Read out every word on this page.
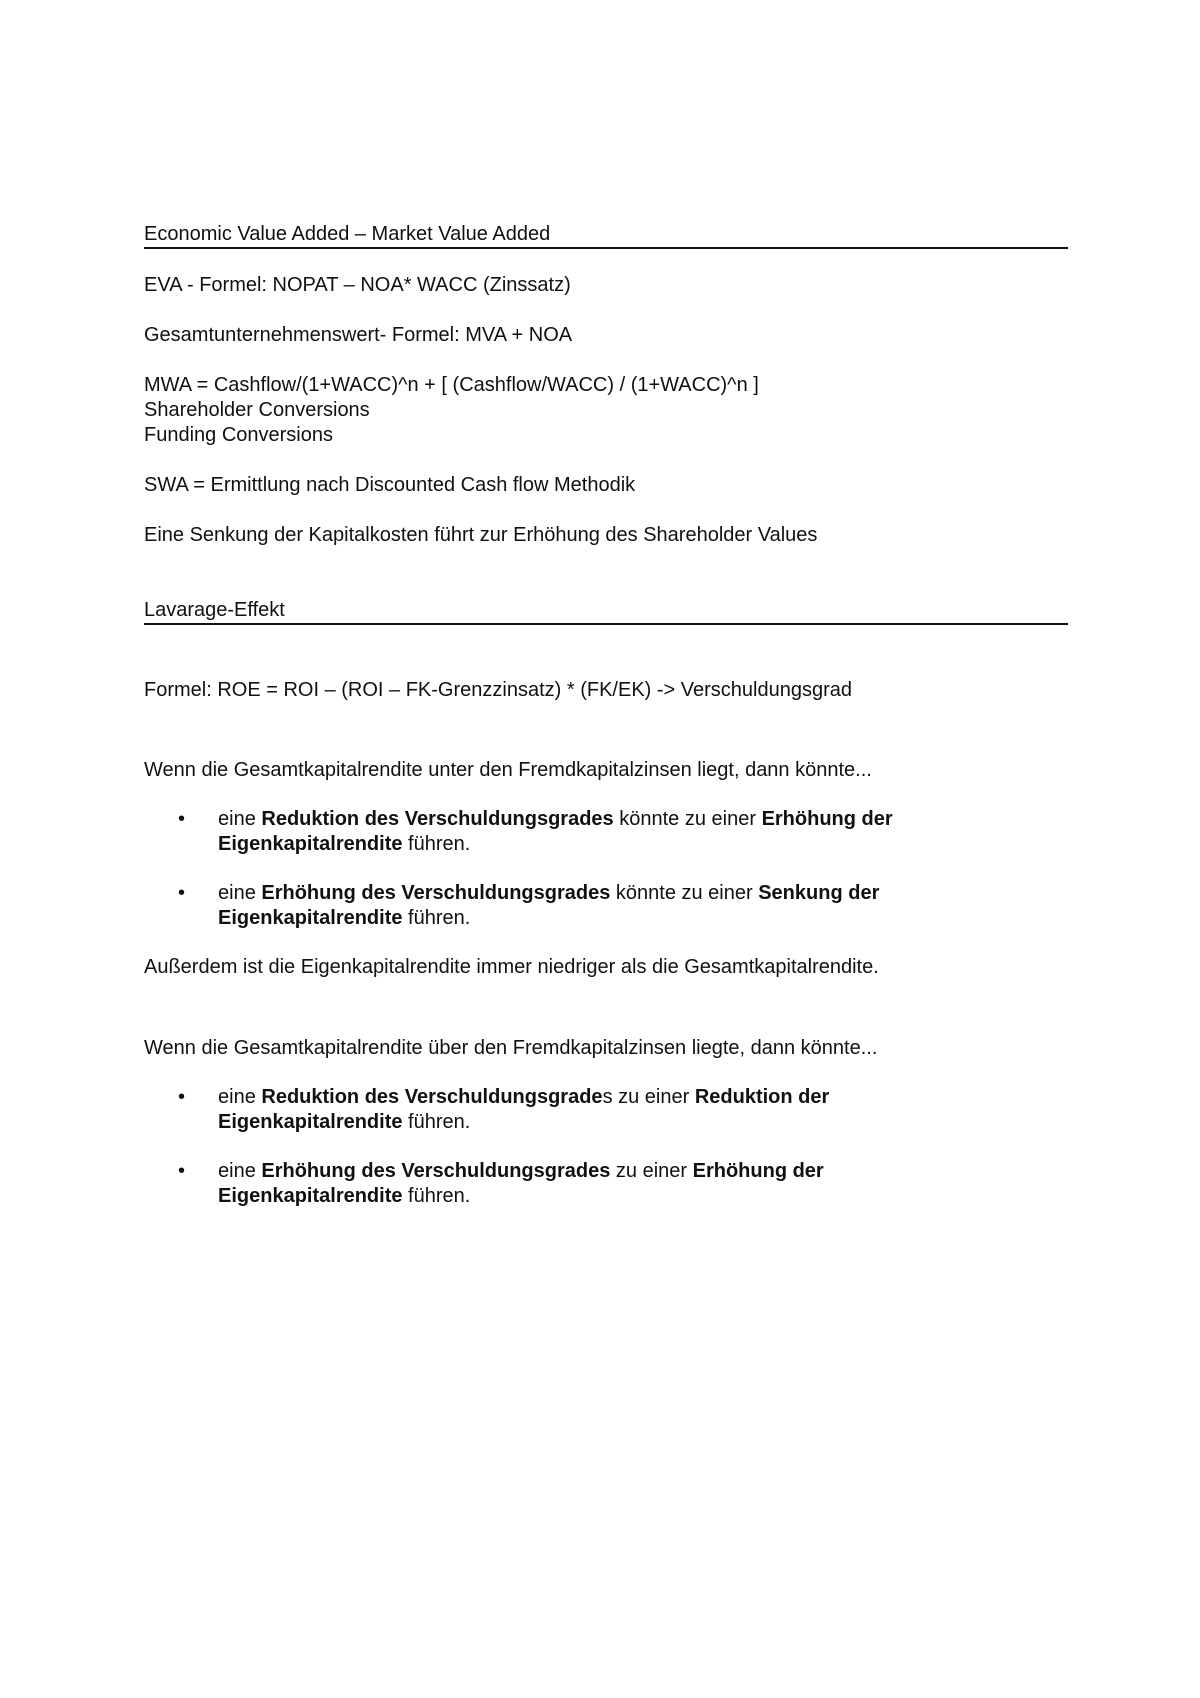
Economic Value Added – Market Value Added

EVA - Formel: NOPAT – NOA* WACC (Zinssatz)

Gesamtunternehmenswert- Formel: MVA + NOA

MWA = Cashflow/(1+WACC)^n + [ (Cashflow/WACC) / (1+WACC)^n ]

Shareholder Conversions

Funding Conversions

SWA = Ermittlung nach Discounted Cash flow Methodik

Eine Senkung der Kapitalkosten führt zur Erhöhung des Shareholder Values

Lavarage-Effekt

Formel: ROE = ROI – (ROI – FK-Grenzzinsatz) * (FK/EK) -> Verschuldungsgrad

Wenn die Gesamtkapitalrendite unter den Fremdkapitalzinsen liegt, dann könnte...

• eine Reduktion des Verschuldungsgrades könnte zu einer Erhöhung der Eigenkapitalrendite führen.
• eine Erhöhung des Verschuldungsgrades könnte zu einer Senkung der Eigenkapitalrendite führen.

Außerdem ist die Eigenkapitalrendite immer niedriger als die Gesamtkapitalrendite.

Wenn die Gesamtkapitalrendite über den Fremdkapitalzinsen liegte, dann könnte...

• eine Reduktion des Verschuldungsgrades zu einer Reduktion der Eigenkapitalrendite führen.
• eine Erhöhung des Verschuldungsgrades zu einer Erhöhung der Eigenkapitalrendite führen.
